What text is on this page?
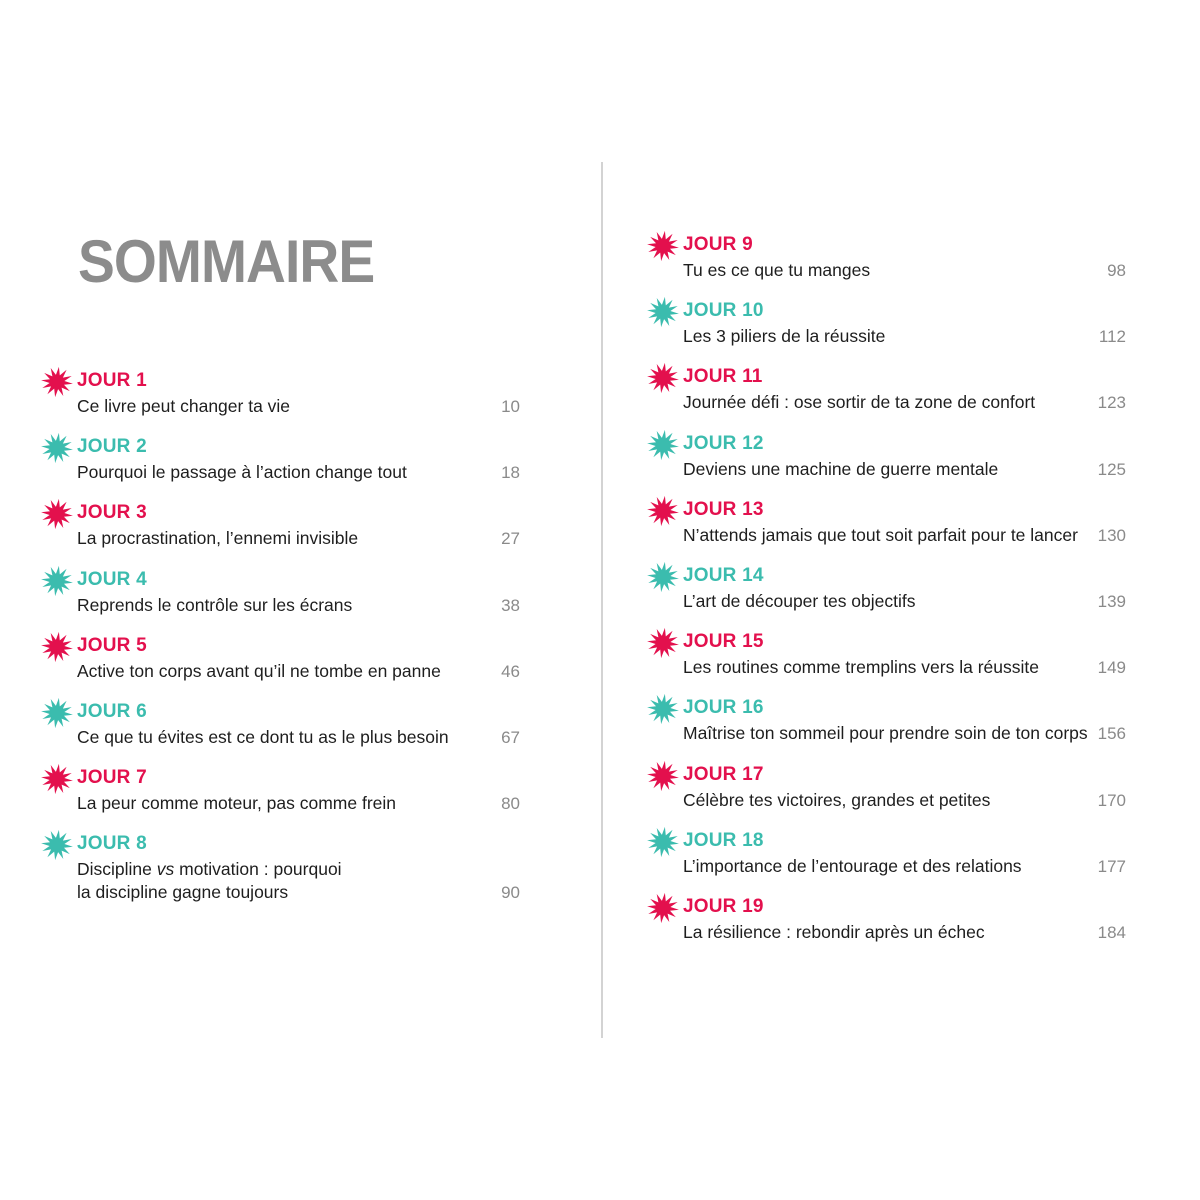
SOMMAIRE
JOUR 1
Ce livre peut changer ta vie	10
JOUR 2
Pourquoi le passage à l’action change tout	18
JOUR 3
La procrastination, l’ennemi invisible	27
JOUR 4
Reprends le contrôle sur les écrans	38
JOUR 5
Active ton corps avant qu’il ne tombe en panne	46
JOUR 6
Ce que tu évites est ce dont tu as le plus besoin	67
JOUR 7
La peur comme moteur, pas comme frein	80
JOUR 8
Discipline vs motivation : pourquoi
la discipline gagne toujours	90
JOUR 9
Tu es ce que tu manges	98
JOUR 10
Les 3 piliers de la réussite	112
JOUR 11
Journée défi : ose sortir de ta zone de confort	123
JOUR 12
Deviens une machine de guerre mentale	125
JOUR 13
N’attends jamais que tout soit parfait pour te lancer 130
JOUR 14
L’art de découper tes objectifs	139
JOUR 15
Les routines comme tremplins vers la réussite	149
JOUR 16
Maîtrise ton sommeil pour prendre soin de ton corps 156
JOUR 17
Célèbre tes victoires, grandes et petites	170
JOUR 18
L’importance de l’entourage et des relations	177
JOUR 19
La résilience : rebondir après un échec	184
